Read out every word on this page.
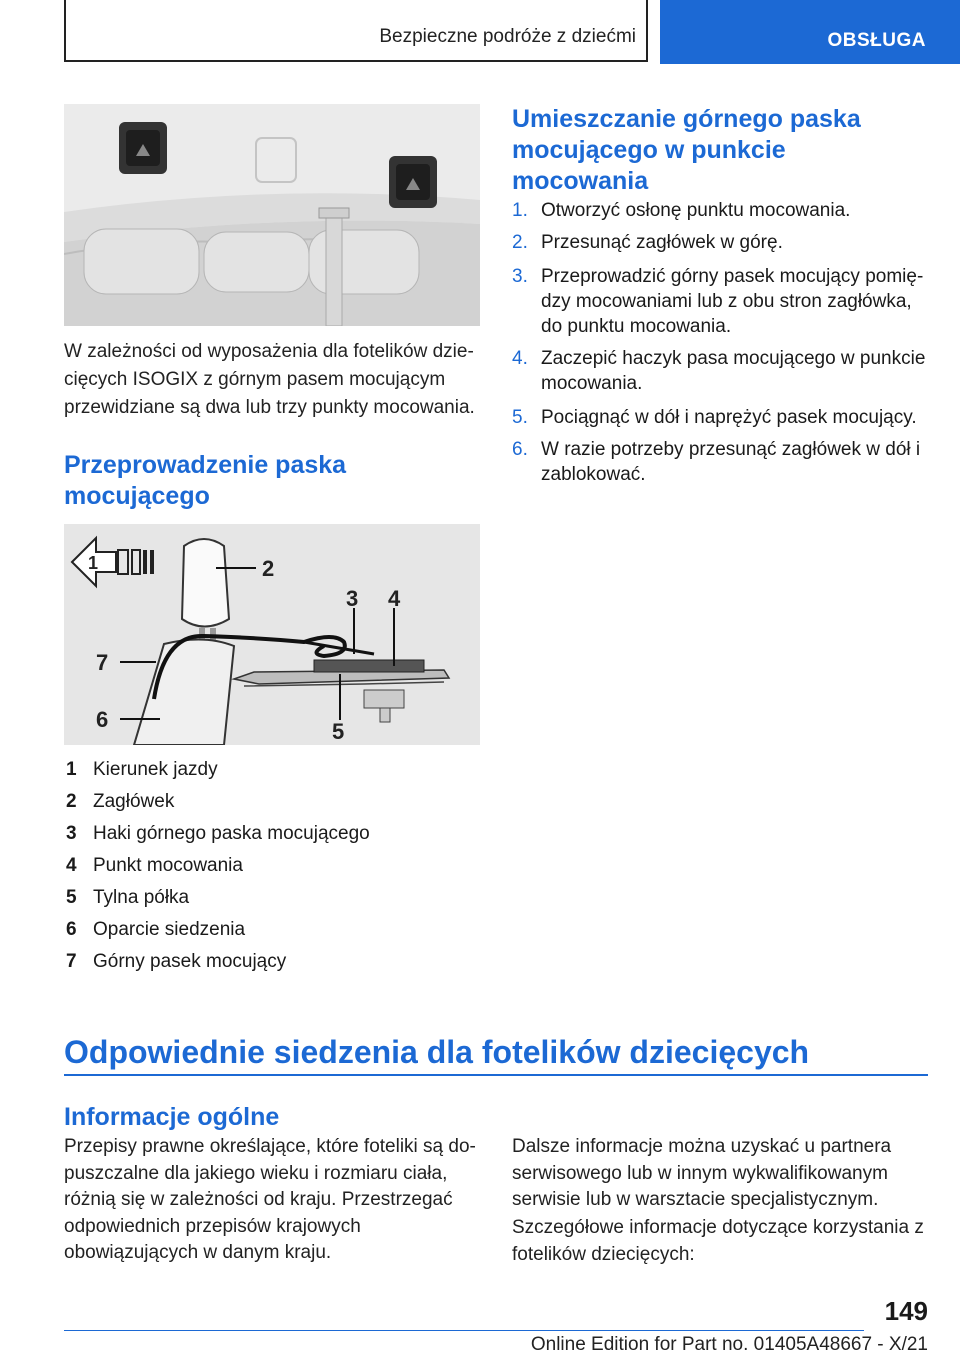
Bezpieczne podróże z dziećmi	OBSŁUGA
W zależności od wyposażenia dla fotelików dziecięcych ISOGIX z górnym pasem mocującym przewidziane są dwa lub trzy punkty mocowania.
Przeprowadzenie paska mocującego
1	2
3 4
5
6
7
1 Kierunek jazdy
2 Zagłówek
3 Haki górnego paska mocującego
4 Punkt mocowania
5 Tylna półka
6 Oparcie siedzenia
7 Górny pasek mocujący
Umieszczanie górnego paska mocującego w punkcie mocowania
1. Otworzyć osłonę punktu mocowania.
2. Przesunąć zagłówek w górę.
3. Przeprowadzić górny pasek mocujący pomiędzy mocowaniami lub z obu stron zagłówka, do punktu mocowania.
4. Zaczepić haczyk pasa mocującego w punkcie mocowania.
5. Pociągnąć w dół i naprężyć pasek mocujący.
6. W razie potrzeby przesunąć zagłówek w dół i zablokować.
Odpowiednie siedzenia dla fotelików dziecięcych
Informacje ogólne
Przepisy prawne określające, które foteliki są dopuszczalne dla jakiego wieku i rozmiaru ciała, różnią się w zależności od kraju. Przestrzegać odpowiednich przepisów krajowych obowiązujących w danym kraju.
Dalsze informacje można uzyskać u partnera serwisowego lub w innym wykwalifikowanym serwisie lub w warsztacie specjalistycznym.
Szczegółowe informacje dotyczące korzystania z fotelików dziecięcych:
149
Online Edition for Part no. 01405A48667 - X/21
